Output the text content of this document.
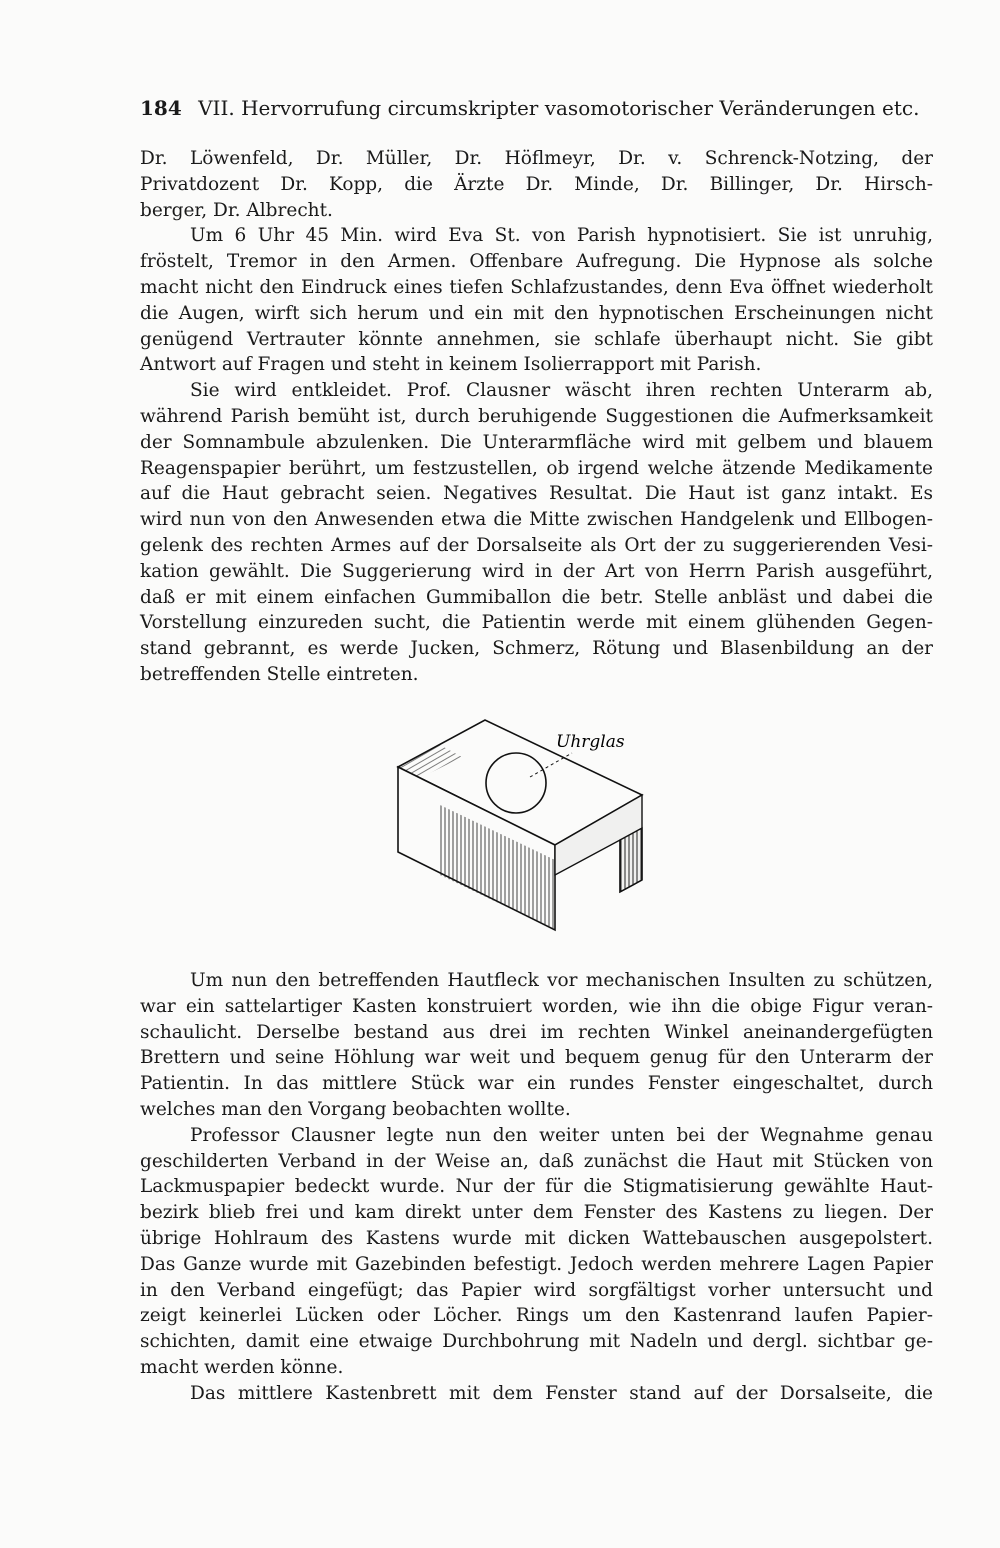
184 VII. Hervorrufung circumskripter vasomotorischer Veränderungen etc.
Dr. Löwenfeld, Dr. Müller, Dr. Höflmeyr, Dr. v. Schrenck-Notzing, der
Privatdozent Dr. Kopp, die Ärzte Dr. Minde, Dr. Billinger, Dr. Hirsch-
berger, Dr. Albrecht.
Um 6 Uhr 45 Min. wird Eva St. von Parish hypnotisiert. Sie ist unruhig,
fröstelt, Tremor in den Armen. Offenbare Aufregung. Die Hypnose als solche
macht nicht den Eindruck eines tiefen Schlafzustandes, denn Eva öffnet wiederholt
die Augen, wirft sich herum und ein mit den hypnotischen Erscheinungen nicht
genügend Vertrauter könnte annehmen, sie schlafe überhaupt nicht. Sie gibt
Antwort auf Fragen und steht in keinem Isolierrapport mit Parish.
Sie wird entkleidet. Prof. Clausner wäscht ihren rechten Unterarm ab,
während Parish bemüht ist, durch beruhigende Suggestionen die Aufmerksamkeit
der Somnambule abzulenken. Die Unterarmfläche wird mit gelbem und blauem
Reagenspapier berührt, um festzustellen, ob irgend welche ätzende Medikamente
auf die Haut gebracht seien. Negatives Resultat. Die Haut ist ganz intakt. Es
wird nun von den Anwesenden etwa die Mitte zwischen Handgelenk und Ellbogen-
gelenk des rechten Armes auf der Dorsalseite als Ort der zu suggerierenden Vesi-
kation gewählt. Die Suggerierung wird in der Art von Herrn Parish ausgeführt,
daß er mit einem einfachen Gummiballon die betr. Stelle anbläst und dabei die
Vorstellung einzureden sucht, die Patientin werde mit einem glühenden Gegen-
stand gebrannt, es werde Jucken, Schmerz, Rötung und Blasenbildung an der
betreffenden Stelle eintreten.
Uhrglas
Um nun den betreffenden Hautfleck vor mechanischen Insulten zu schützen,
war ein sattelartiger Kasten konstruiert worden, wie ihn die obige Figur veran-
schaulicht. Derselbe bestand aus drei im rechten Winkel aneinandergefügten
Brettern und seine Höhlung war weit und bequem genug für den Unterarm der
Patientin. In das mittlere Stück war ein rundes Fenster eingeschaltet, durch
welches man den Vorgang beobachten wollte.
Professor Clausner legte nun den weiter unten bei der Wegnahme genau
geschilderten Verband in der Weise an, daß zunächst die Haut mit Stücken von
Lackmuspapier bedeckt wurde. Nur der für die Stigmatisierung gewählte Haut-
bezirk blieb frei und kam direkt unter dem Fenster des Kastens zu liegen. Der
übrige Hohlraum des Kastens wurde mit dicken Wattebauschen ausgepolstert.
Das Ganze wurde mit Gazebinden befestigt. Jedoch werden mehrere Lagen Papier
in den Verband eingefügt; das Papier wird sorgfältigst vorher untersucht und
zeigt keinerlei Lücken oder Löcher. Rings um den Kastenrand laufen Papier-
schichten, damit eine etwaige Durchbohrung mit Nadeln und dergl. sichtbar ge-
macht werden könne.
Das mittlere Kastenbrett mit dem Fenster stand auf der Dorsalseite, die
